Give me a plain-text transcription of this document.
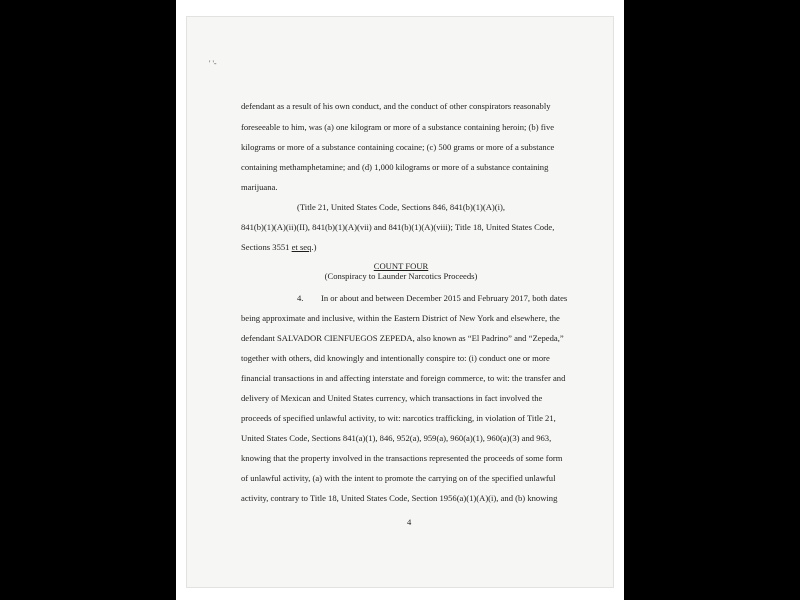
' '-
defendant as a result of his own conduct, and the conduct of other conspirators reasonably
foreseeable to him, was (a) one kilogram or more of a substance containing heroin; (b) five
kilograms or more of a substance containing cocaine; (c) 500 grams or more of a substance
containing methamphetamine; and (d) 1,000 kilograms or more of a substance containing
marijuana.
(Title 21, United States Code, Sections 846, 841(b)(1)(A)(i),
841(b)(1)(A)(ii)(II), 841(b)(1)(A)(vii) and 841(b)(1)(A)(viii); Title 18, United States Code,
Sections 3551 et seq.)
COUNT FOUR
(Conspiracy to Launder Narcotics Proceeds)
4. In or about and between December 2015 and February 2017, both dates
being approximate and inclusive, within the Eastern District of New York and elsewhere, the
defendant SALVADOR CIENFUEGOS ZEPEDA, also known as “El Padrino” and “Zepeda,”
together with others, did knowingly and intentionally conspire to: (i) conduct one or more
financial transactions in and affecting interstate and foreign commerce, to wit: the transfer and
delivery of Mexican and United States currency, which transactions in fact involved the
proceeds of specified unlawful activity, to wit: narcotics trafficking, in violation of Title 21,
United States Code, Sections 841(a)(1), 846, 952(a), 959(a), 960(a)(1), 960(a)(3) and 963,
knowing that the property involved in the transactions represented the proceeds of some form
of unlawful activity, (a) with the intent to promote the carrying on of the specified unlawful
activity, contrary to Title 18, United States Code, Section 1956(a)(1)(A)(i), and (b) knowing
4
